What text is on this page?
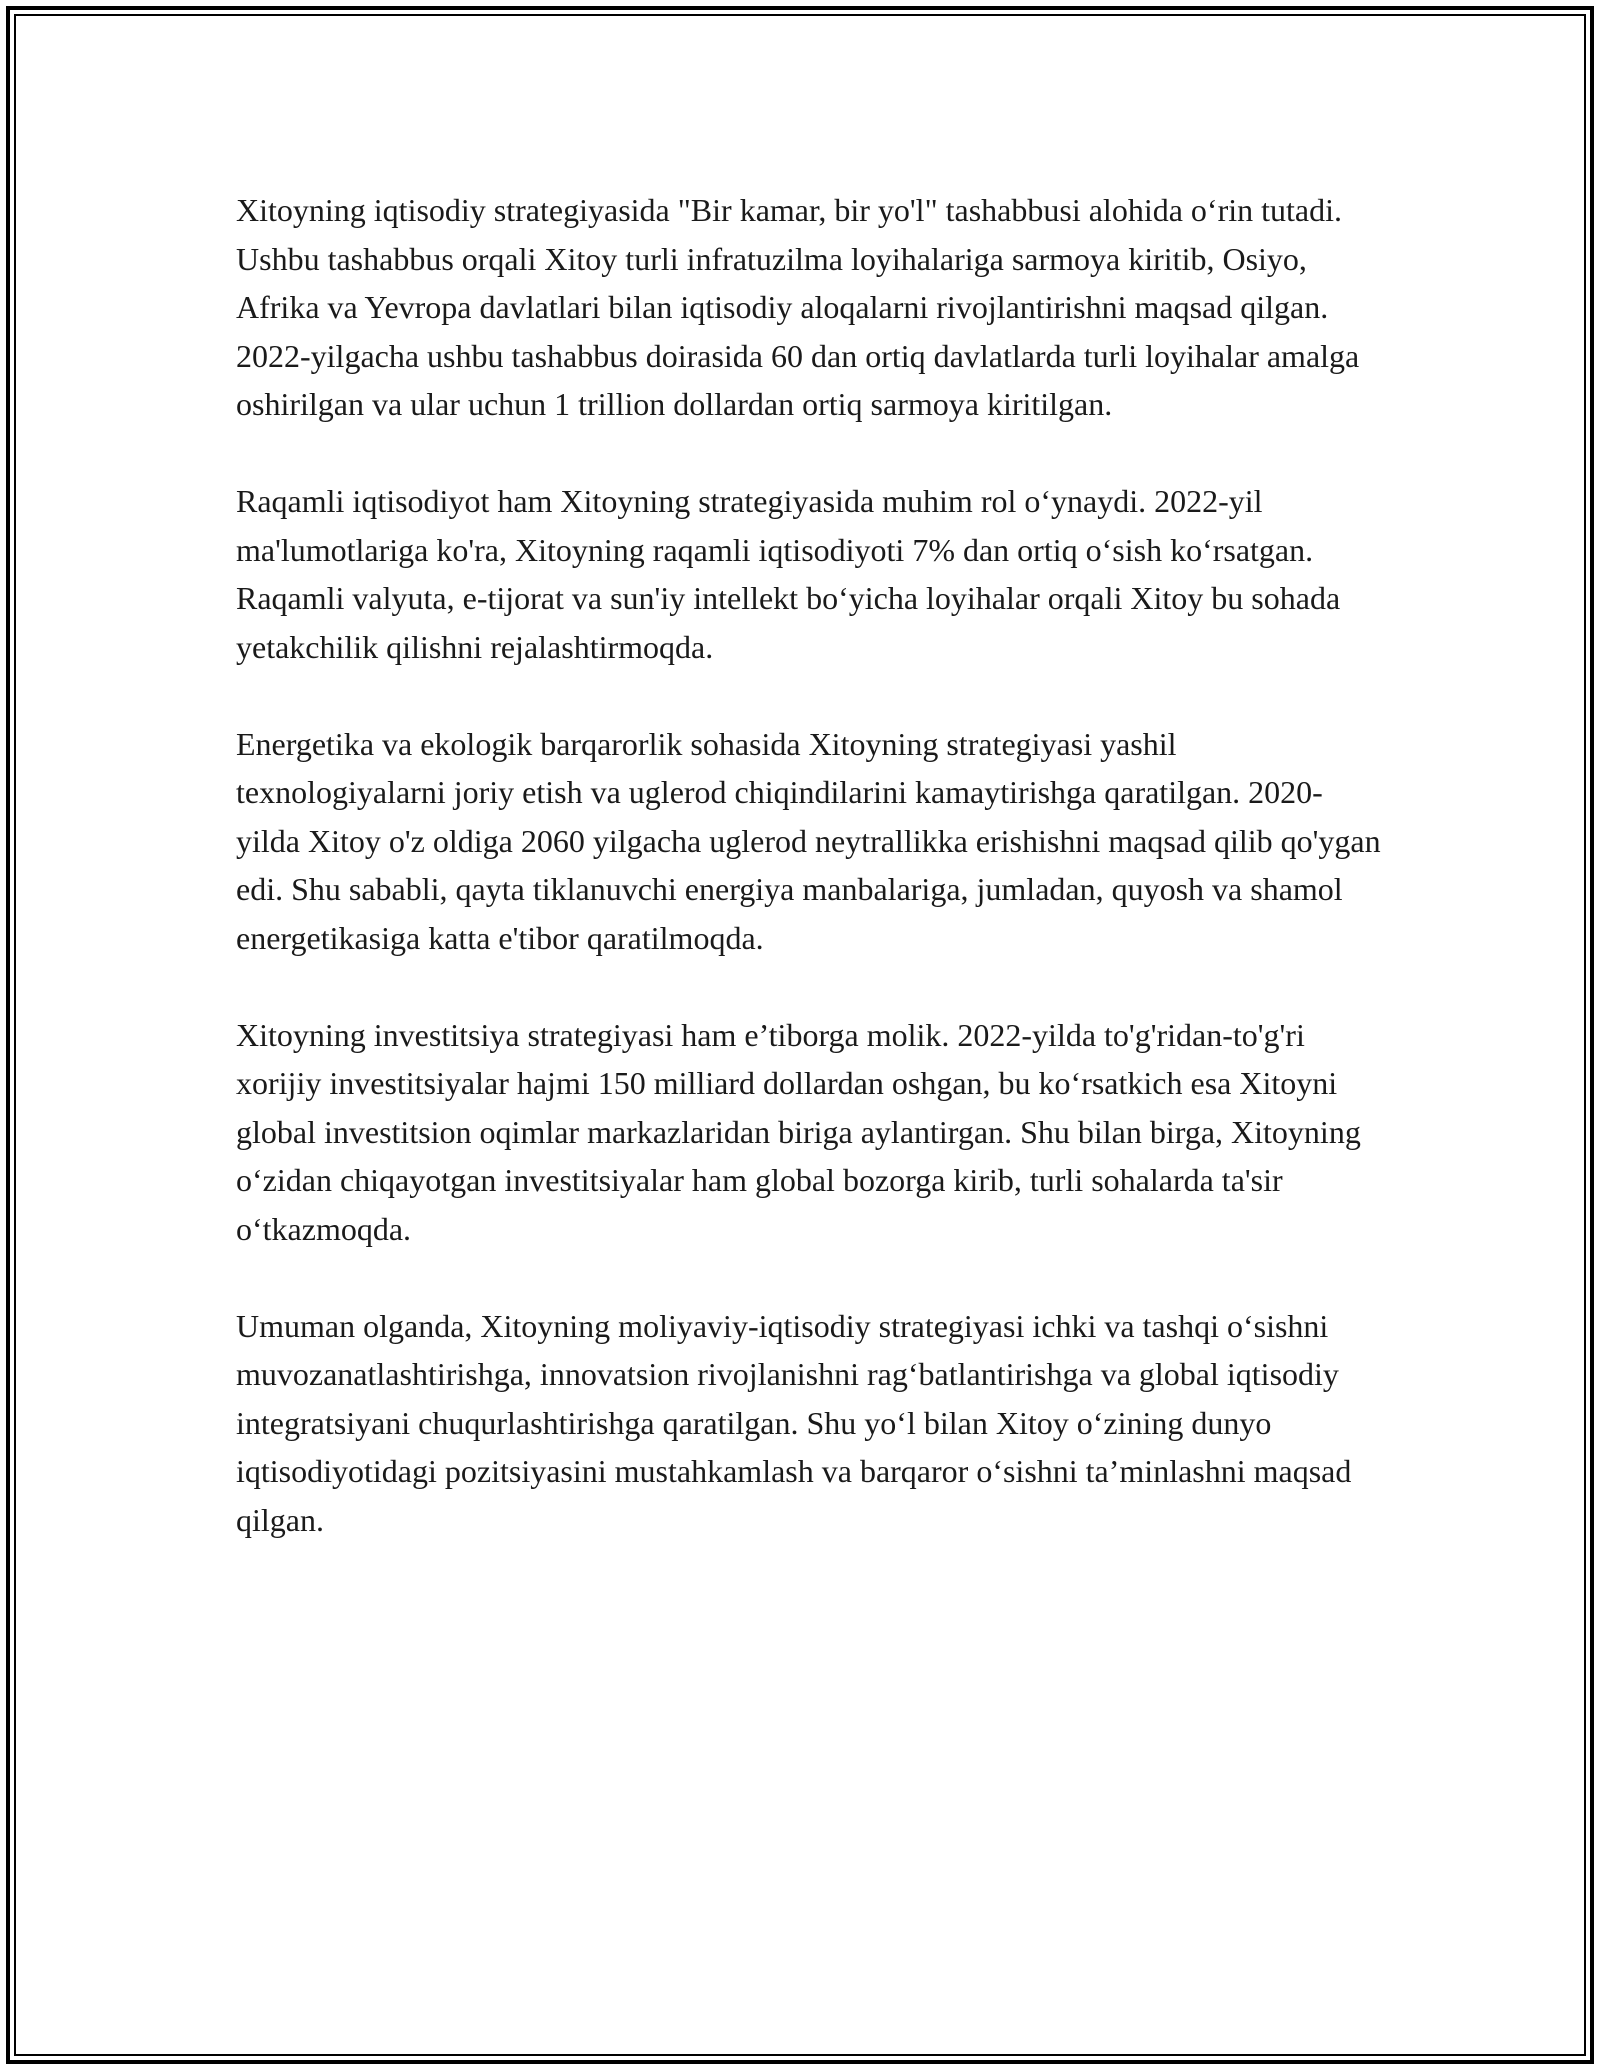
Xitoyning iqtisodiy strategiyasida "Bir kamar, bir yo'l" tashabbusi alohida o‘rin tutadi. Ushbu tashabbus orqali Xitoy turli infratuzilma loyihalariga sarmoya kiritib, Osiyo, Afrika va Yevropa davlatlari bilan iqtisodiy aloqalarni rivojlantirishni maqsad qilgan. 2022-yilgacha ushbu tashabbus doirasida 60 dan ortiq davlatlarda turli loyihalar amalga oshirilgan va ular uchun 1 trillion dollardan ortiq sarmoya kiritilgan.

Raqamli iqtisodiyot ham Xitoyning strategiyasida muhim rol o‘ynaydi. 2022-yil ma'lumotlariga ko'ra, Xitoyning raqamli iqtisodiyoti 7% dan ortiq o‘sish ko‘rsatgan. Raqamli valyuta, e-tijorat va sun'iy intellekt bo‘yicha loyihalar orqali Xitoy bu sohada yetakchilik qilishni rejalashtirmoqda.

Energetika va ekologik barqarorlik sohasida Xitoyning strategiyasi yashil texnologiyalarni joriy etish va uglerod chiqindilarini kamaytirishga qaratilgan. 2020-yilda Xitoy o'z oldiga 2060 yilgacha uglerod neytrallikka erishishni maqsad qilib qo'ygan edi. Shu sababli, qayta tiklanuvchi energiya manbalariga, jumladan, quyosh va shamol energetikasiga katta e'tibor qaratilmoqda.

Xitoyning investitsiya strategiyasi ham e’tiborga molik. 2022-yilda to'g'ridan-to'g'ri xorijiy investitsiyalar hajmi 150 milliard dollardan oshgan, bu ko‘rsatkich esa Xitoyni global investitsion oqimlar markazlaridan biriga aylantirgan. Shu bilan birga, Xitoyning o‘zidan chiqayotgan investitsiyalar ham global bozorga kirib, turli sohalarda ta'sir o‘tkazmoqda.

Umuman olganda, Xitoyning moliyaviy-iqtisodiy strategiyasi ichki va tashqi o‘sishni muvozanatlashtirishga, innovatsion rivojlanishni rag‘batlantirishga va global iqtisodiy integratsiyani chuqurlashtirishga qaratilgan. Shu yo‘l bilan Xitoy o‘zining dunyo iqtisodiyotidagi pozitsiyasini mustahkamlash va barqaror o‘sishni ta’minlashni maqsad qilgan.
